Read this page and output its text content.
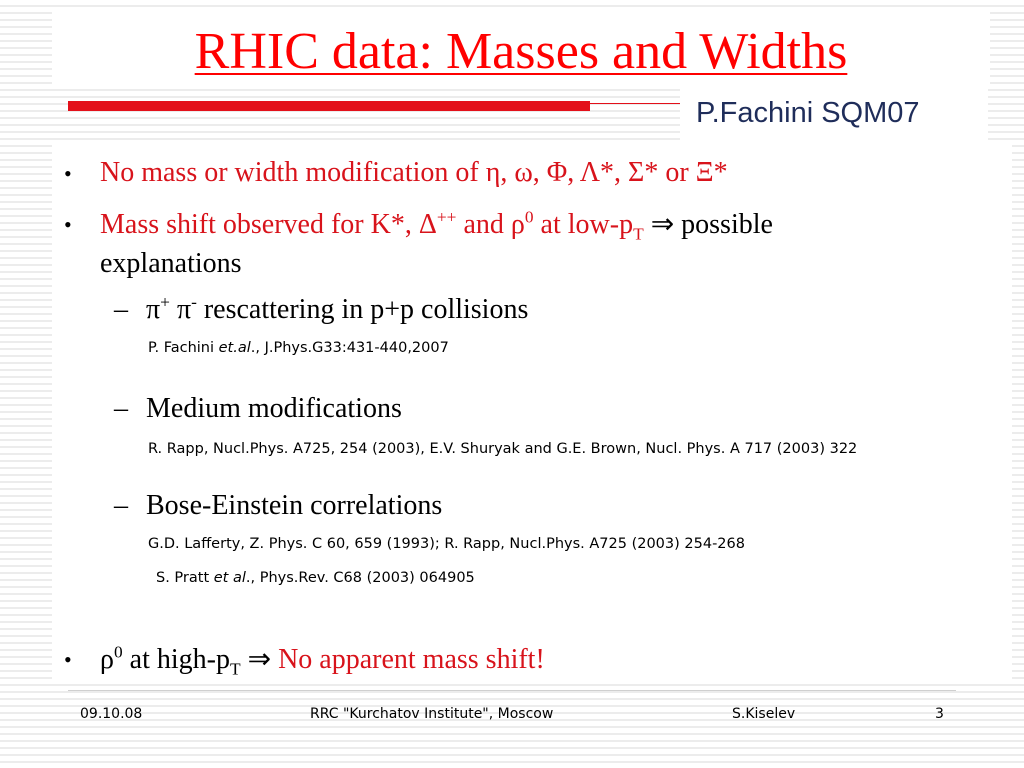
RHIC data: Masses and Widths
P.Fachini SQM07
• No mass or width modification of η, ω, Φ, Λ*, Σ* or Ξ*
• Mass shift observed for K*, Δ++ and $\rho^0$ at low-$p_T$ ⇒ possible
explanations
– π+ π- rescattering in p+p collisions
P. Fachini et.al., J.Phys.G33:431-440,2007
– Medium modifications
R. Rapp, Nucl.Phys. A725, 254 (2003), E.V. Shuryak and G.E. Brown, Nucl. Phys. A 717 (2003) 322
– Bose-Einstein correlations
G.D. Lafferty, Z. Phys. C 60, 659 (1993); R. Rapp, Nucl.Phys. A725 (2003) 254-268
S. Pratt et al., Phys.Rev. C68 (2003) 064905
• $\rho^0$ at high-$p_T$ ⇒ No apparent mass shift!
09.10.08	RRC "Kurchatov Institute", Moscow	S.Kiselev	3
